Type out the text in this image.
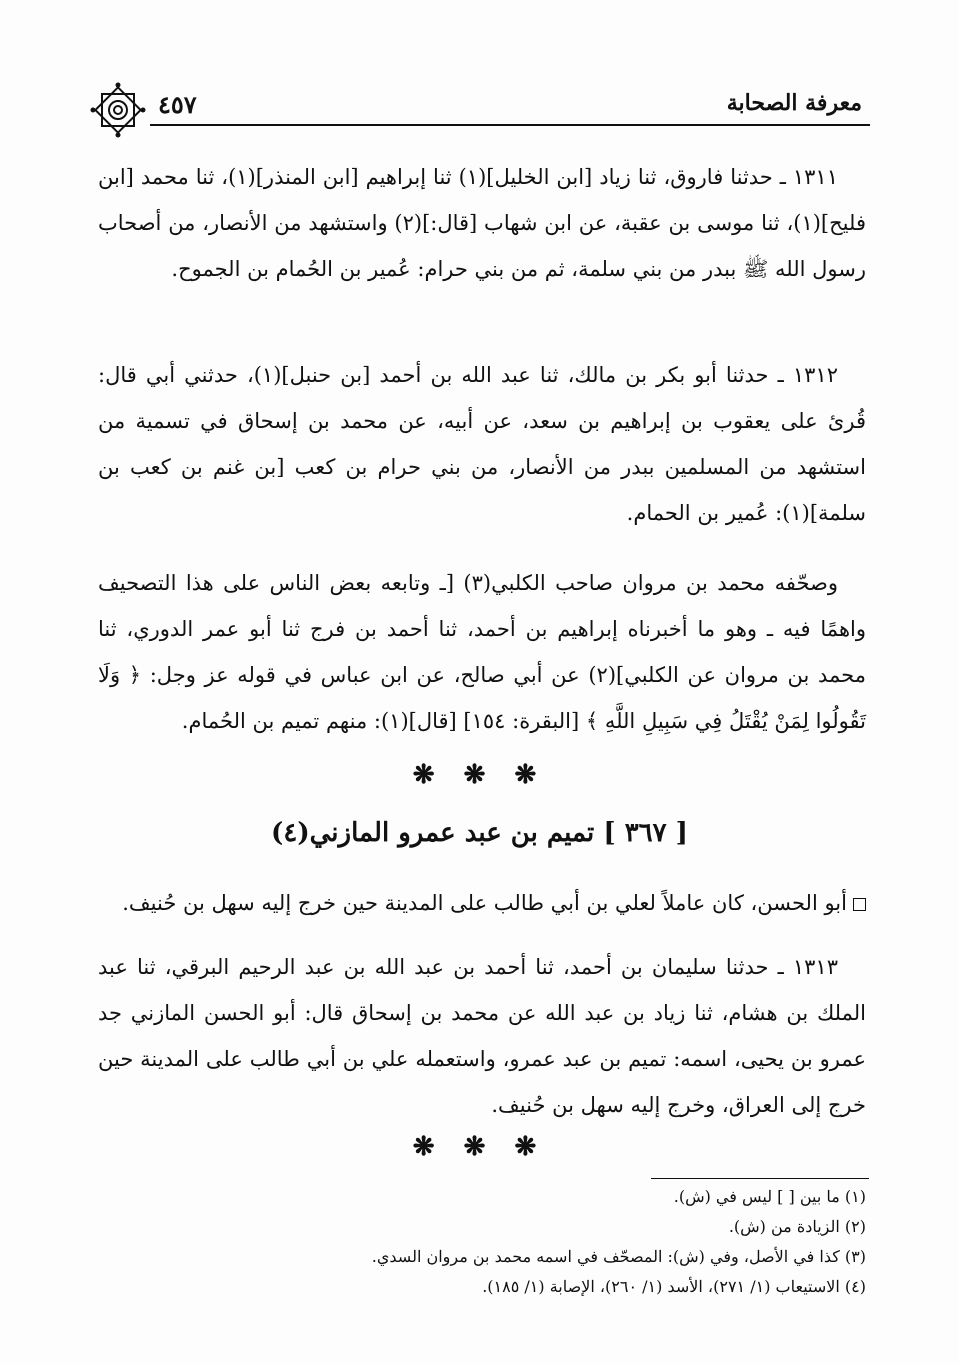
٤٥٧	معرفة الصحابة

١٣١١ ـ حدثنا فاروق، ثنا زياد [ابن الخليل](١) ثنا إبراهيم [ابن المنذر](١)، ثنا محمد [ابن فليح](١)، ثنا موسى بن عقبة، عن ابن شهاب [قال:](٢) واستشهد من الأنصار، من أصحاب رسول الله ﷺ ببدر من بني سلمة، ثم من بني حرام: عُمير بن الحُمام بن الجموح.

١٣١٢ ـ حدثنا أبو بكر بن مالك، ثنا عبد الله بن أحمد [بن حنبل](١)، حدثني أبي قال: قُرئ على يعقوب بن إبراهيم بن سعد، عن أبيه، عن محمد بن إسحاق في تسمية من استشهد من المسلمين ببدر من الأنصار، من بني حرام بن كعب [بن غنم بن كعب بن سلمة](١): عُمير بن الحمام.

وصحّفه محمد بن مروان صاحب الكلبي(٣) [ـ وتابعه بعض الناس على هذا التصحيف واهمًا فيه ـ وهو ما أخبرناه إبراهيم بن أحمد، ثنا أحمد بن فرج ثنا أبو عمر الدوري، ثنا محمد بن مروان عن الكلبي](٢) عن أبي صالح، عن ابن عباس في قوله عز وجل: ﴿ وَلَا تَقُولُوا لِمَنْ يُقْتَلُ فِي سَبِيلِ اللَّهِ ﴾ [البقرة: ١٥٤] [قال](١): منهم تميم بن الحُمام.

❋ ❋ ❋
[ ٣٦٧ ] تميم بن عبد عمرو المازني(٤)
أبو الحسن، كان عاملاً لعلي بن أبي طالب على المدينة حين خرج إليه سهل بن حُنيف.

١٣١٣ ـ حدثنا سليمان بن أحمد، ثنا أحمد بن عبد الله بن عبد الرحيم البرقي، ثنا عبد الملك بن هشام، ثنا زياد بن عبد الله عن محمد بن إسحاق قال: أبو الحسن المازني جد عمرو بن يحيى، اسمه: تميم بن عبد عمرو، واستعمله علي بن أبي طالب على المدينة حين خرج إلى العراق، وخرج إليه سهل بن حُنيف.

❋ ❋ ❋

(١) ما بين [ ] ليس في (ش).

(٢) الزيادة من (ش).

(٣) كذا في الأصل، وفي (ش): المصحّف في اسمه محمد بن مروان السدي.

(٤) الاستيعاب (١/ ٢٧١)، الأسد (١/ ٢٦٠)، الإصابة (١/ ١٨٥).
